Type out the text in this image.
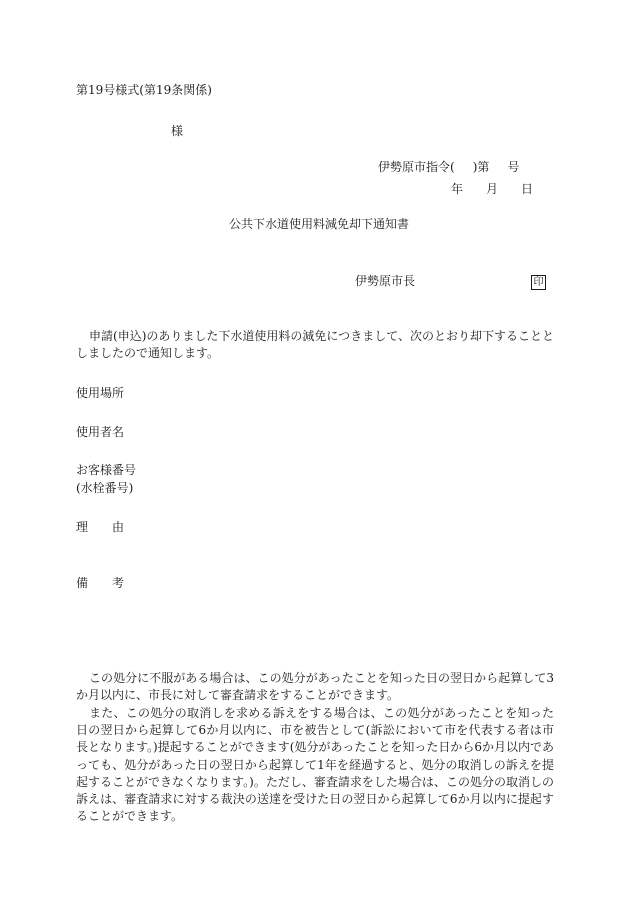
第19号様式(第19条関係)
様
伊勢原市指令( )第 号
年 月 日
公共下水道使用料減免却下通知書
伊勢原市長	印
申請(申込)のありました下水道使用料の減免につきまして、次のとおり却下することとしましたので通知します。
使用場所
使用者名
お客様番号
(水栓番号)
理 由
備 考
この処分に不服がある場合は、この処分があったことを知った日の翌日から起算して3か月以内に、市長に対して審査請求をすることができます。
また、この処分の取消しを求める訴えをする場合は、この処分があったことを知った日の翌日から起算して6か月以内に、市を被告として(訴訟において市を代表する者は市長となります。)提起することができます(処分があったことを知った日から6か月以内であっても、処分があった日の翌日から起算して1年を経過すると、処分の取消しの訴えを提起することができなくなります。)。ただし、審査請求をした場合は、この処分の取消しの訴えは、審査請求に対する裁決の送達を受けた日の翌日から起算して6か月以内に提起することができます。
